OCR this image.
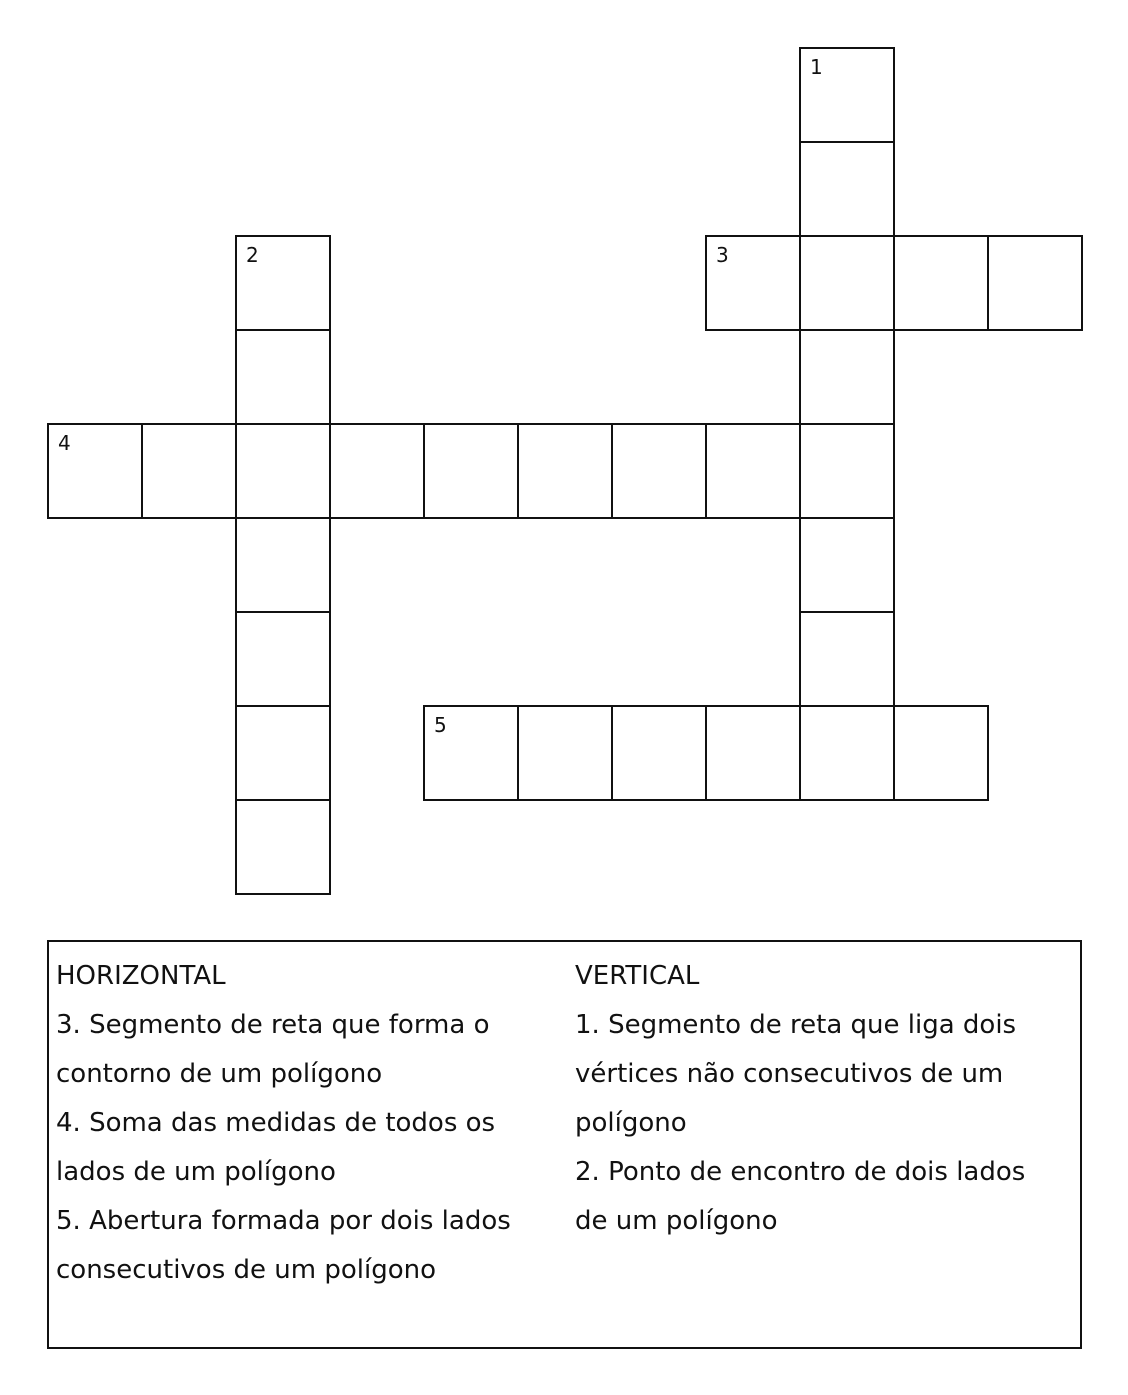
1
2	3
4
5

HORIZONTAL

3. Segmento de reta que forma o

contorno de um polígono

4. Soma das medidas de todos os

lados de um polígono

5. Abertura formada por dois lados

consecutivos de um polígono

VERTICAL

1. Segmento de reta que liga dois

vértices não consecutivos de um

polígono

2. Ponto de encontro de dois lados

de um polígono
